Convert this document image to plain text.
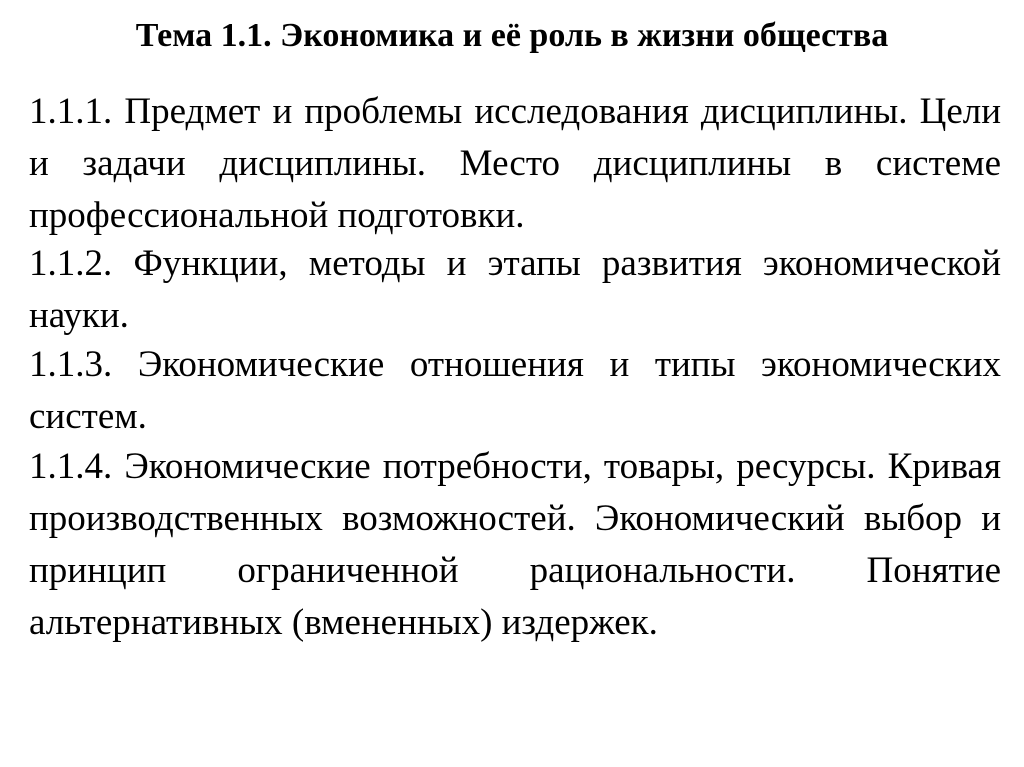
Тема 1.1. Экономика и её роль в жизни общества

1.1.1. Предмет и проблемы исследования дисциплины. Цели и задачи дисциплины. Место дисциплины в системе профессиональной подготовки.

1.1.2. Функции, методы и этапы развития экономической науки.

1.1.3. Экономические отношения и типы экономических систем.

1.1.4. Экономические потребности, товары, ресурсы. Кривая производственных возможностей. Экономический выбор и принцип ограниченной рациональности. Понятие альтернативных (вмененных) издержек.
